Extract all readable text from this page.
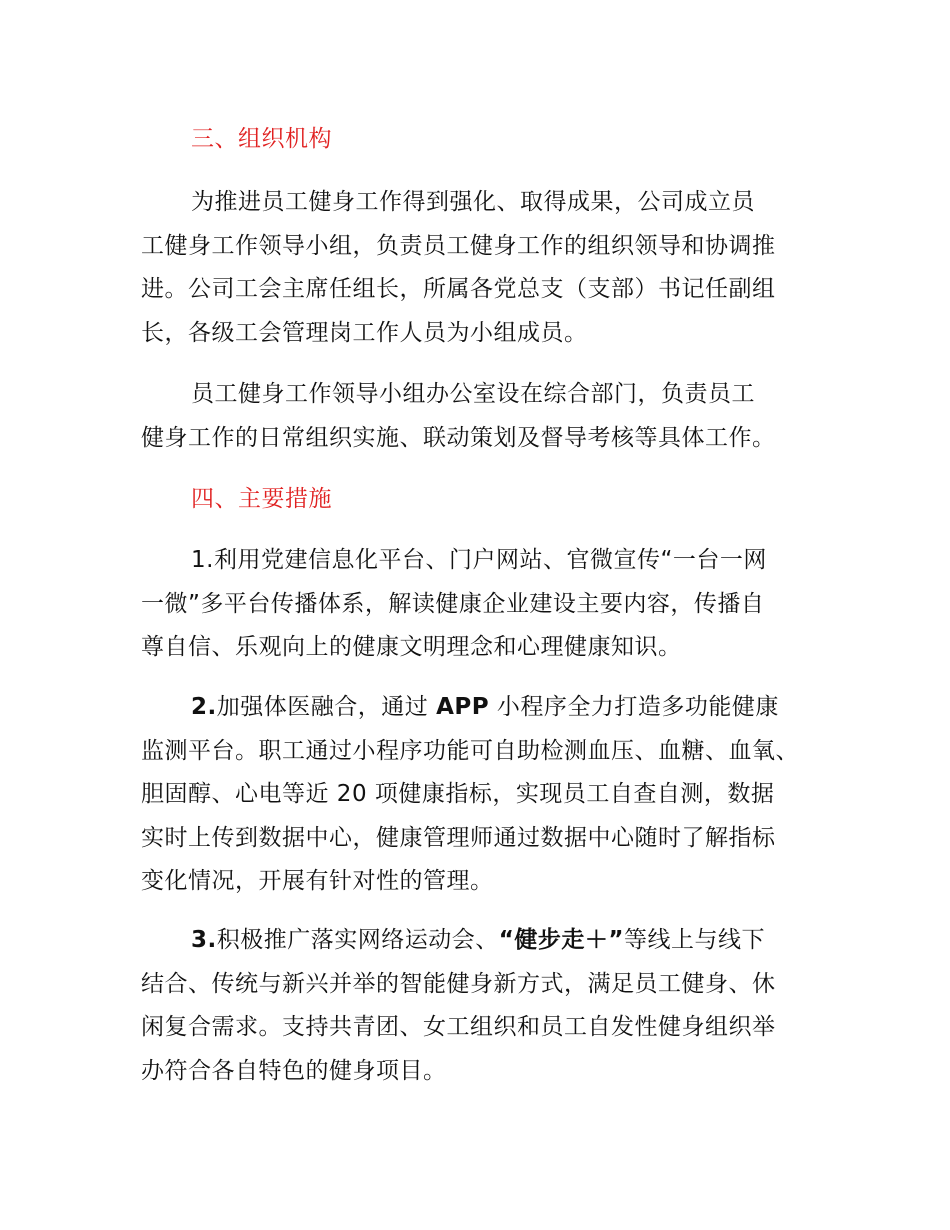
三、组织机构
为推进员工健身工作得到强化、取得成果，公司成立员
工健身工作领导小组，负责员工健身工作的组织领导和协调推
进。公司工会主席任组长，所属各党总支（支部）书记任副组
长，各级工会管理岗工作人员为小组成员。
员工健身工作领导小组办公室设在综合部门，负责员工
健身工作的日常组织实施、联动策划及督导考核等具体工作。
四、主要措施
1.利用党建信息化平台、门户网站、官微宣传“一台一网
一微”多平台传播体系，解读健康企业建设主要内容，传播自
尊自信、乐观向上的健康文明理念和心理健康知识。
2.加强体医融合，通过 APP 小程序全力打造多功能健康
监测平台。职工通过小程序功能可自助检测血压、血糖、血氧、
胆固醇、心电等近 20 项健康指标，实现员工自查自测，数据
实时上传到数据中心，健康管理师通过数据中心随时了解指标
变化情况，开展有针对性的管理。
3.积极推广落实网络运动会、“健步走＋”等线上与线下
结合、传统与新兴并举的智能健身新方式，满足员工健身、休
闲复合需求。支持共青团、女工组织和员工自发性健身组织举
办符合各自特色的健身项目。
